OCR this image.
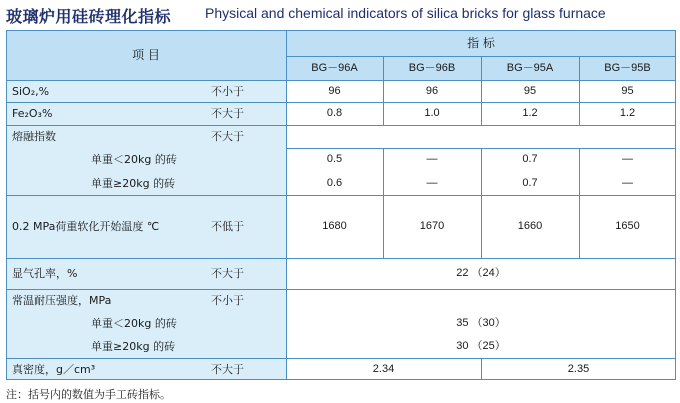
玻璃炉用硅砖理化指标 Physical and chemical indicators of silica bricks for glass furnace
项 目
指 标
BG－96A	BG－96B	BG－95A	BG－95B
SiO₂,%	不小于	96	96	95	95
Fe₂O₃%	不大于	0.8	1.0	1.2	1.2
熔融指数	不大于
单重＜20kg 的砖	0.5	—	0.7	—
单重≥20kg 的砖	0.6	—	0.7	—
0.2 MPa荷重软化开始温度 ℃	不低于	1680	1670	1660	1650
显气孔率，%	不大于	22 （24）
常温耐压强度，MPa	不小于
单重＜20kg 的砖	35 （30）
单重≥20kg 的砖	30 （25）
真密度，g／cm³	不大于	2.34	2.35
注：括号内的数值为手工砖指标。
